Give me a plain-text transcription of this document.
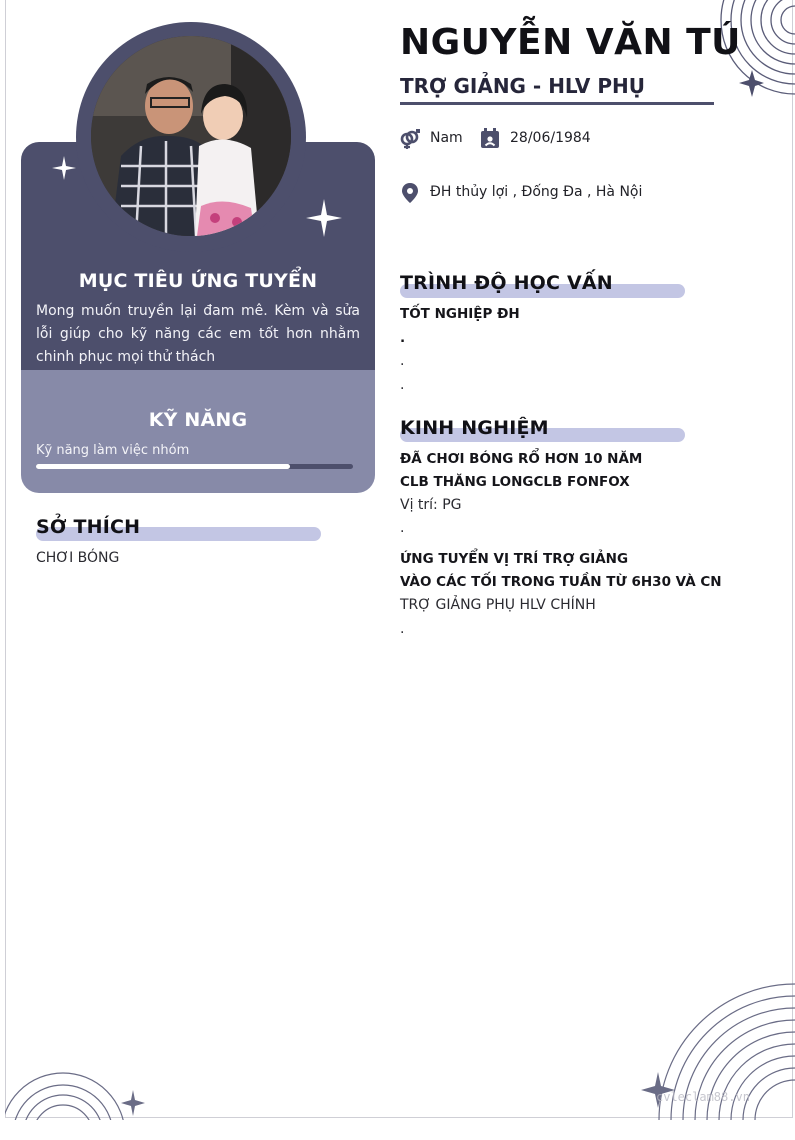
MỤC TIÊU ỨNG TUYỂN
Mong muốn truyền lại đam mê. Kèm và sửa lỗi giúp cho kỹ năng các em tốt hơn nhằm chinh phục mọi thử thách
KỸ NĂNG
Kỹ năng làm việc nhóm
SỞ THÍCH
CHƠI BÓNG
NGUYỄN VĂN TÚ
TRỢ GIẢNG - HLV PHỤ
Nam	28/06/1984
ĐH thủy lợi , Đống Đa , Hà Nội
TRÌNH ĐỘ HỌC VẤN
TỐT NGHIỆP ĐH
.
.
.
KINH NGHIỆM
ĐÃ CHƠI BÓNG RỔ HƠN 10 NĂM
CLB THĂNG LONGCLB FONFOX
Vị trí: PG
.
ỨNG TUYỂN VỊ TRÍ TRỢ GIẢNG
VÀO CÁC TỐI TRONG TUẦN TỪ 6H30 VÀ CN
TRỢ GIẢNG PHỤ HLV CHÍNH
.
cvleclam88.vn
